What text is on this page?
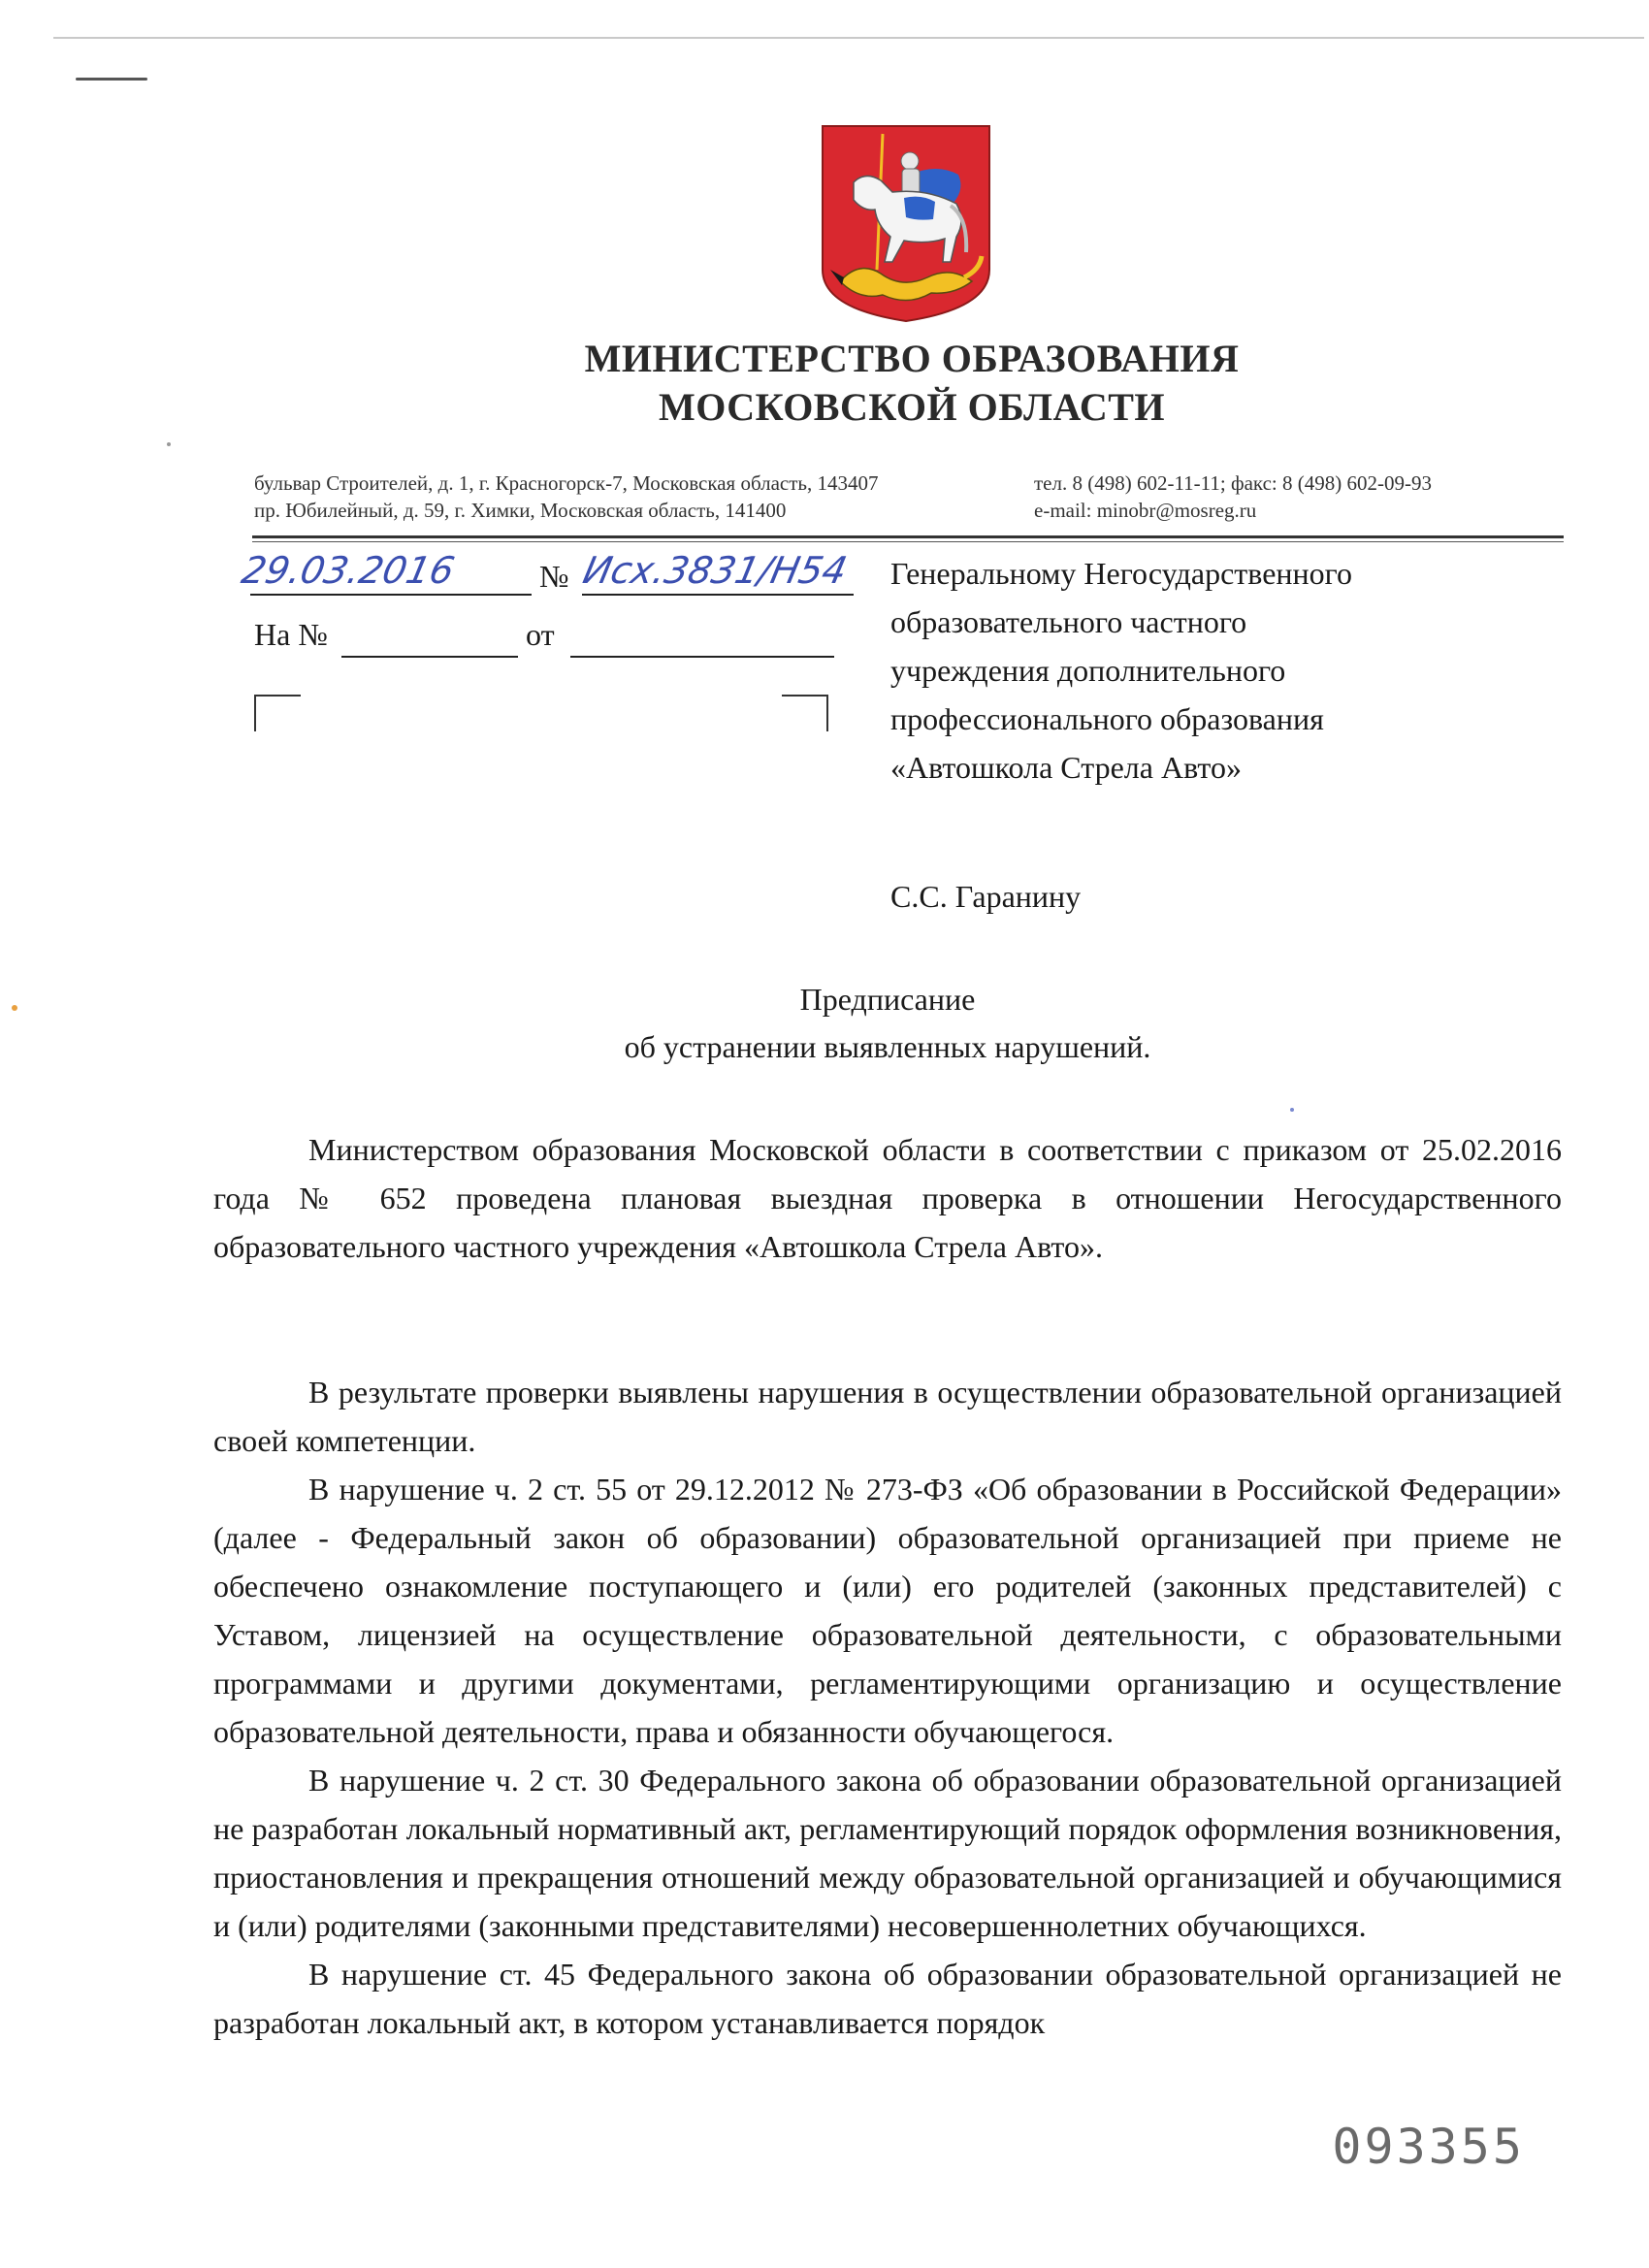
МИНИСТЕРСТВО ОБРАЗОВАНИЯ
МОСКОВСКОЙ ОБЛАСТИ
бульвар Строителей, д. 1, г. Красногорск-7, Московская область, 143407
пр. Юбилейный, д. 59, г. Химки, Московская область, 141400
тел. 8 (498) 602-11-11; факс: 8 (498) 602-09-93
e-mail: minobr@mosreg.ru
29.03.2016	№ Исх.3831/Н54
На №	от
Генеральному Негосударственного
образовательного частного
учреждения дополнительного
профессионального образования
«Автошкола Стрела Авто»
С.С. Гаранину
Предписание
об устранении выявленных нарушений.

Министерством образования Московской области в соответствии с приказом от 25.02.2016 года № 652 проведена плановая выездная проверка в отношении Негосударственного образовательного частного учреждения «Автошкола Стрела Авто».

В результате проверки выявлены нарушения в осуществлении образовательной организацией своей компетенции.

В нарушение ч. 2 ст. 55 от 29.12.2012 № 273-ФЗ «Об образовании в Российской Федерации» (далее - Федеральный закон об образовании) образовательной организацией при приеме не обеспечено ознакомление поступающего и (или) его родителей (законных представителей) с Уставом, лицензией на осуществление образовательной деятельности, с образовательными программами и другими документами, регламентирующими организацию и осуществление образовательной деятельности, права и обязанности обучающегося.

В нарушение ч. 2 ст. 30 Федерального закона об образовании образовательной организацией не разработан локальный нормативный акт, регламентирующий порядок оформления возникновения, приостановления и прекращения отношений между образовательной организацией и обучающимися и (или) родителями (законными представителями) несовершеннолетних обучающихся.

В нарушение ст. 45 Федерального закона об образовании образовательной организацией не разработан локальный акт, в котором устанавливается порядок

093355
